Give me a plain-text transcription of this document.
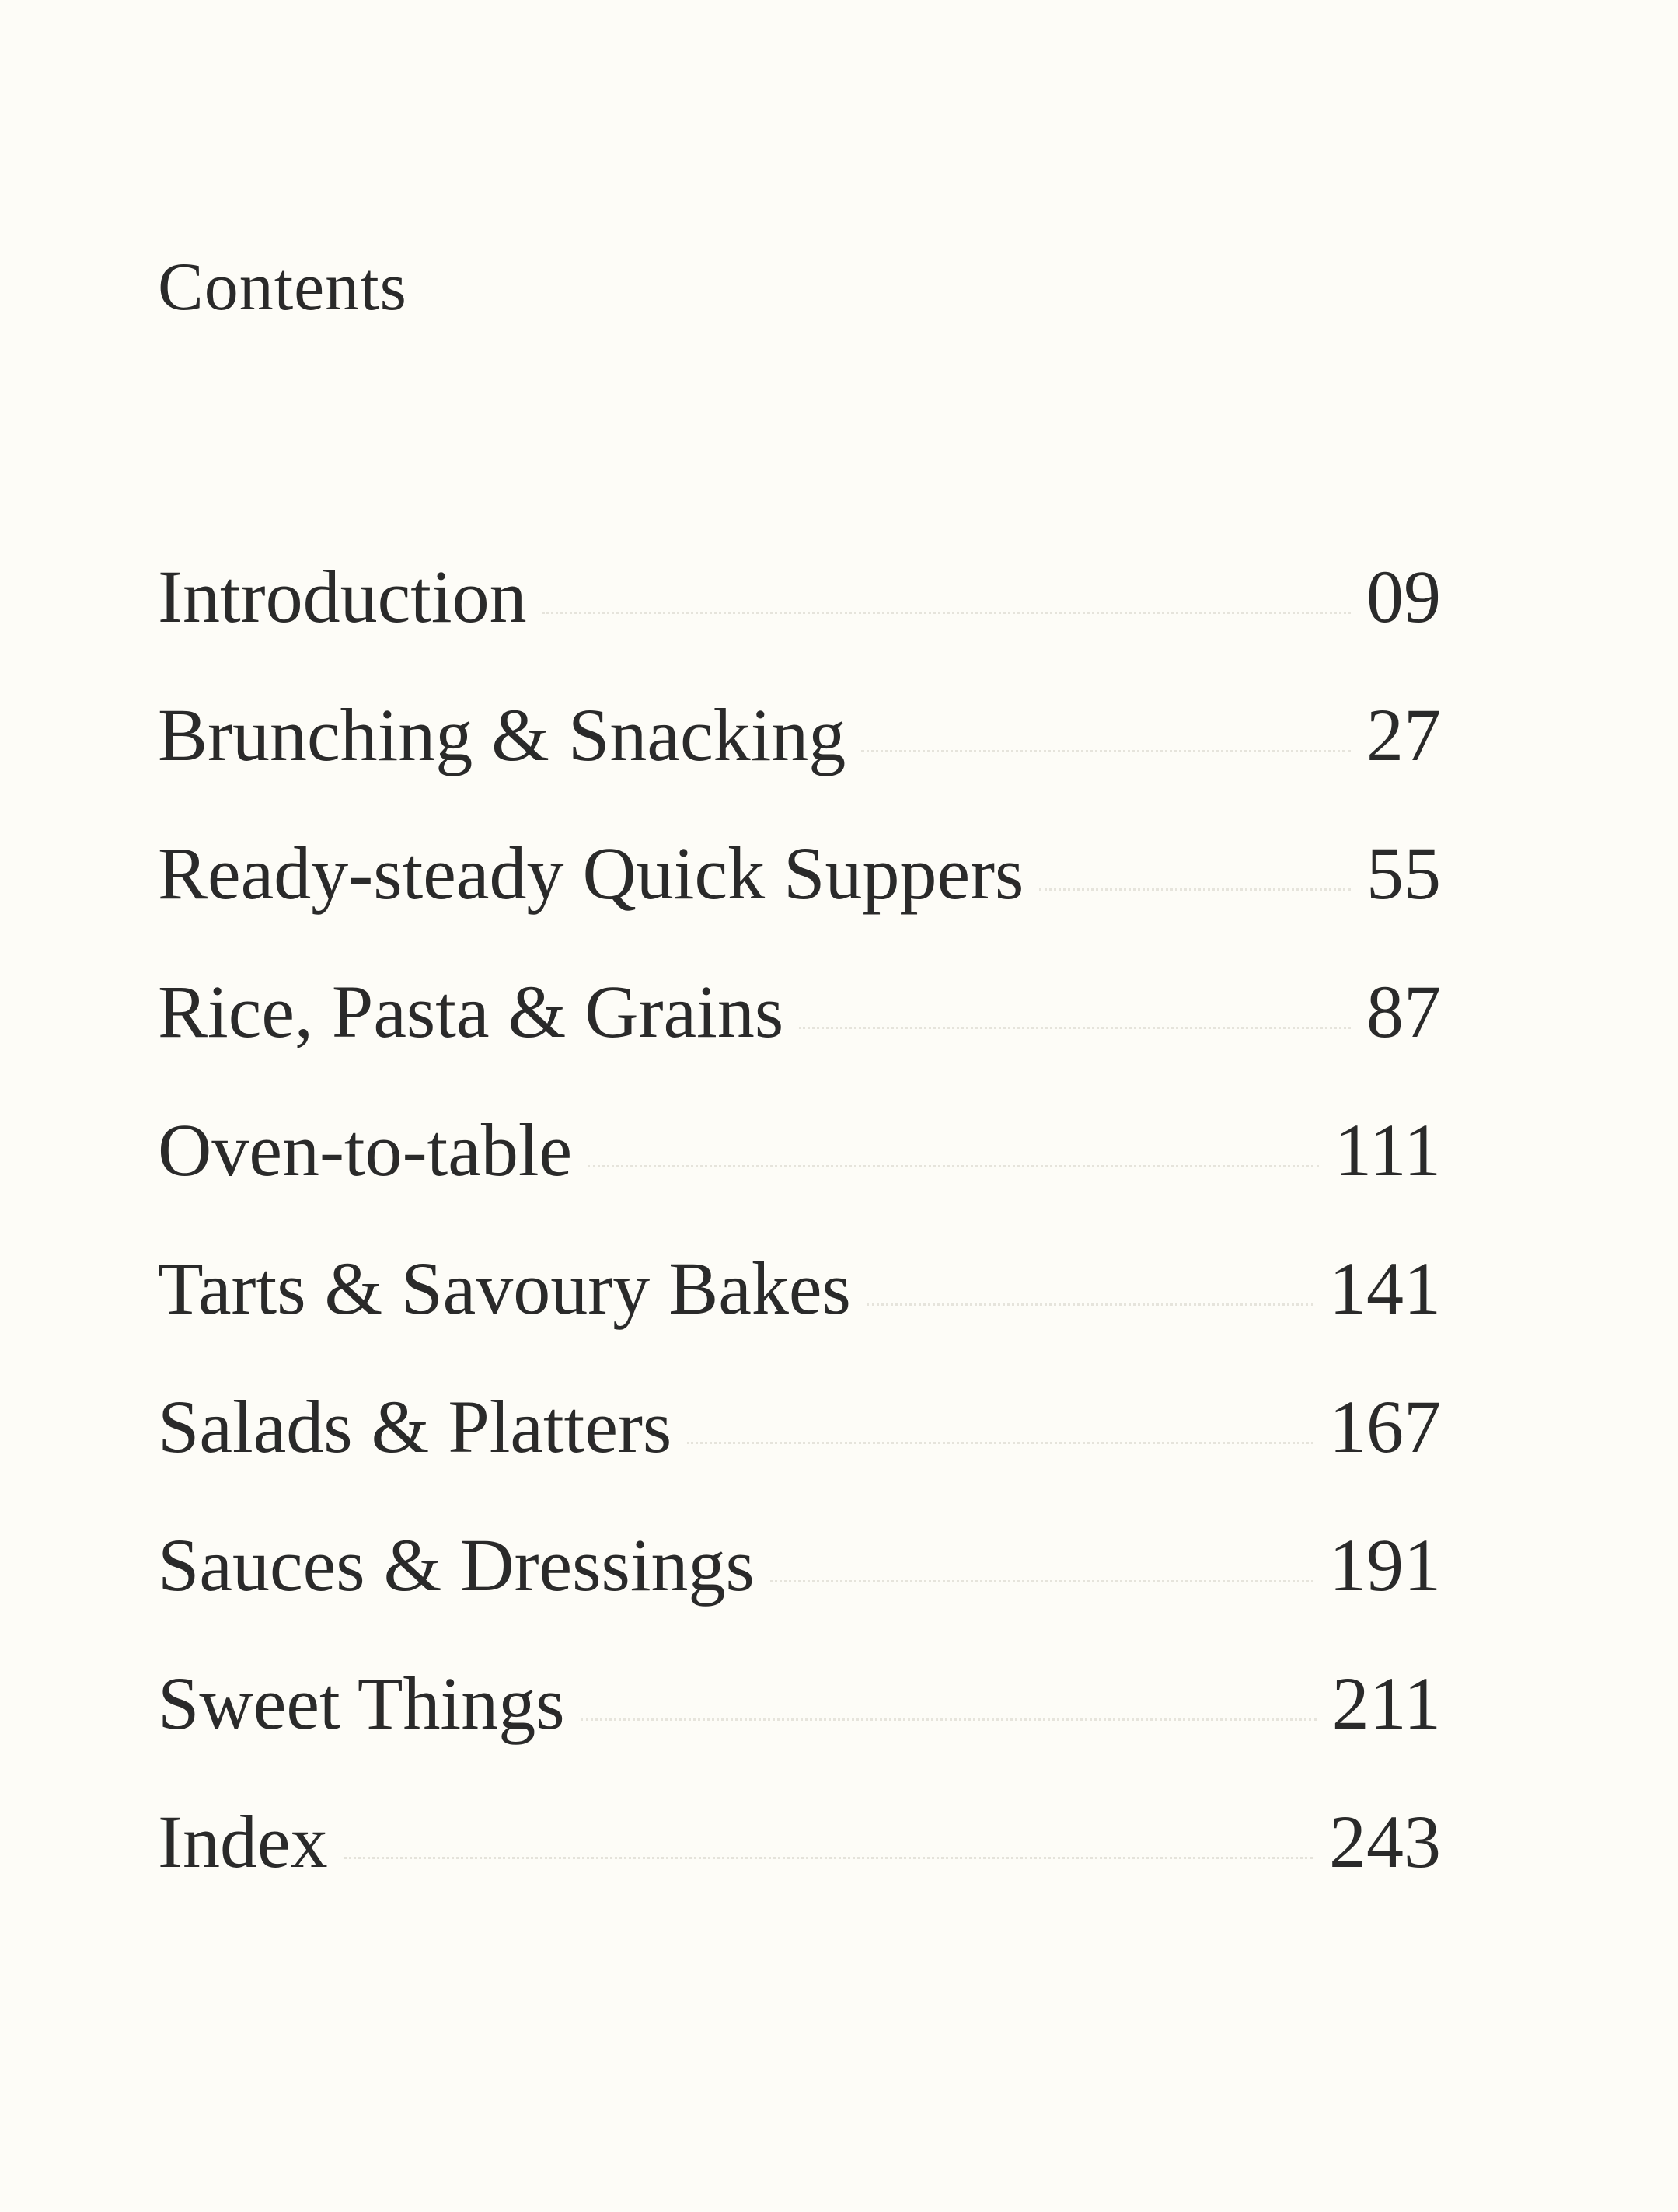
Contents
Introduction	09
Brunching & Snacking	27
Ready-steady Quick Suppers	55
Rice, Pasta & Grains	87
Oven-to-table	111
Tarts & Savoury Bakes	141
Salads & Platters	167
Sauces & Dressings	191
Sweet Things	211
Index	243
